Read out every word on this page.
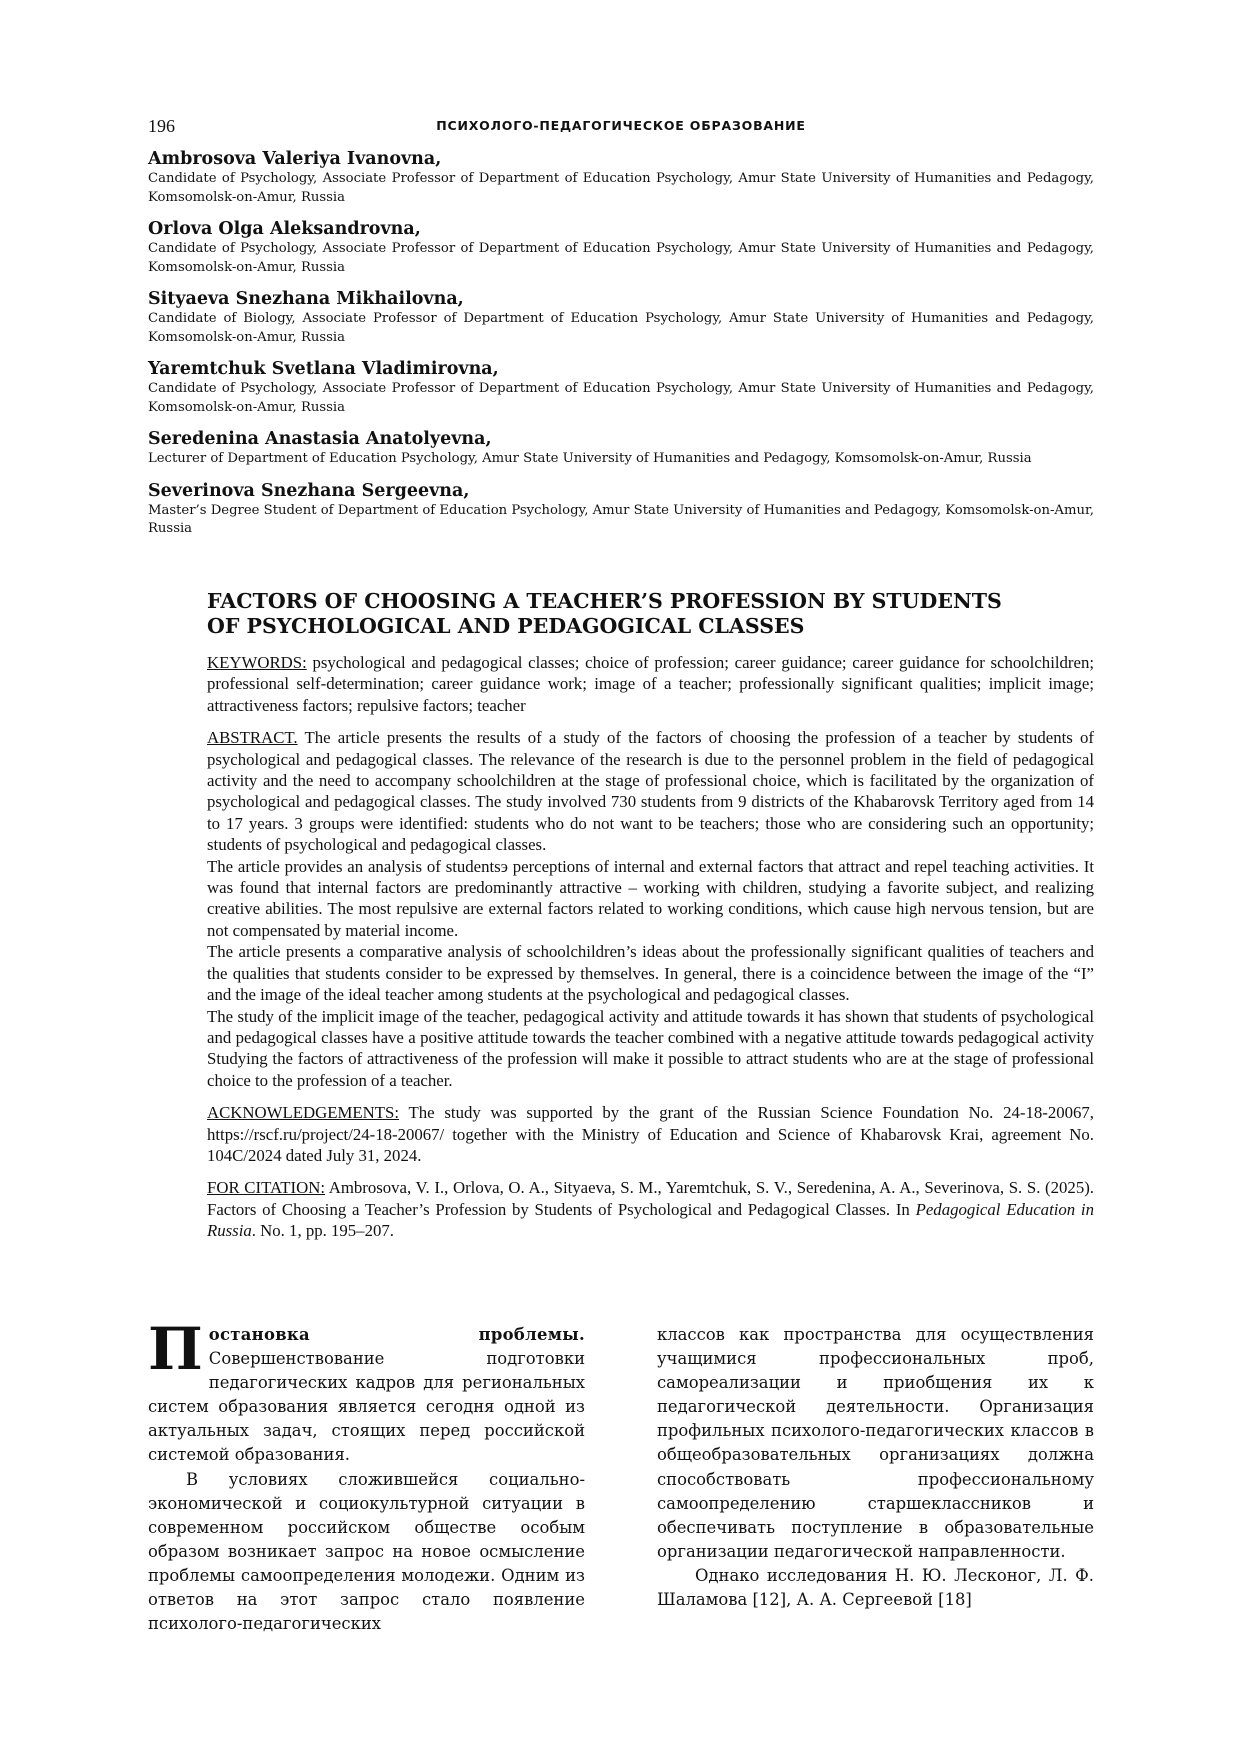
196	ПСИХОЛОГО-ПЕДАГОГИЧЕСКОЕ ОБРАЗОВАНИЕ
Ambrosova Valeriya Ivanovna,
Candidate of Psychology, Associate Professor of Department of Education Psychology, Amur State University of Humanities and Pedagogy, Komsomolsk-on-Amur, Russia
Orlova Olga Aleksandrovna,
Candidate of Psychology, Associate Professor of Department of Education Psychology, Amur State University of Humanities and Pedagogy, Komsomolsk-on-Amur, Russia
Sityaeva Snezhana Mikhailovna,
Candidate of Biology, Associate Professor of Department of Education Psychology, Amur State University of Humanities and Pedagogy, Komsomolsk-on-Amur, Russia
Yaremtchuk Svetlana Vladimirovna,
Candidate of Psychology, Associate Professor of Department of Education Psychology, Amur State University of Humanities and Pedagogy, Komsomolsk-on-Amur, Russia
Seredenina Anastasia Anatolyevna,
Lecturer of Department of Education Psychology, Amur State University of Humanities and Pedagogy, Komsomolsk-on-Amur, Russia
Severinova Snezhana Sergeevna,
Master’s Degree Student of Department of Education Psychology, Amur State University of Humanities and Pedagogy, Komsomolsk-on-Amur, Russia
FACTORS OF CHOOSING A TEACHER’S PROFESSION BY STUDENTS
OF PSYCHOLOGICAL AND PEDAGOGICAL CLASSES
KEYWORDS: psychological and pedagogical classes; choice of profession; career guidance; career guidance for schoolchildren; professional self-determination; career guidance work; image of a teacher; professionally significant qualities; implicit image; attractiveness factors; repulsive factors; teacher

ABSTRACT. The article presents the results of a study of the factors of choosing the profession of a teacher by students of psychological and pedagogical classes. The relevance of the research is due to the personnel problem in the field of pedagogical activity and the need to accompany schoolchildren at the stage of professional choice, which is facilitated by the organization of psychological and pedagogical classes. The study involved 730 students from 9 districts of the Khabarovsk Territory aged from 14 to 17 years. 3 groups were identified: students who do not want to be teachers; those who are considering such an opportunity; students of psychological and pedagogical classes.

The article provides an analysis of studentsэ perceptions of internal and external factors that attract and repel teaching activities. It was found that internal factors are predominantly attractive – working with children, studying a favorite subject, and realizing creative abilities. The most repulsive are external factors related to working conditions, which cause high nervous tension, but are not compensated by material income.

The article presents a comparative analysis of schoolchildren’s ideas about the professionally significant qualities of teachers and the qualities that students consider to be expressed by themselves. In general, there is a coincidence between the image of the “I” and the image of the ideal teacher among students at the psychological and pedagogical classes.

The study of the implicit image of the teacher, pedagogical activity and attitude towards it has shown that students of psychological and pedagogical classes have a positive attitude towards the teacher combined with a negative attitude towards pedagogical activity Studying the factors of attractiveness of the profession will make it possible to attract students who are at the stage of professional choice to the profession of a teacher.

ACKNOWLEDGEMENTS: The study was supported by the grant of the Russian Science Foundation No. 24-18-20067, https://rscf.ru/project/24-18-20067/ together with the Ministry of Education and Science of Khabarovsk Krai, agreement No. 104C/2024 dated July 31, 2024.
FOR CITATION: Ambrosova, V. I., Orlova, O. A., Sityaeva, S. M., Yaremtchuk, S. V., Seredenina, A. A., Severinova, S. S. (2025). Factors of Choosing a Teacher’s Profession by Students of Psychological and Pedagogical Classes. In Pedagogical Education in Russia. No. 1, pp. 195–207.

Постановка проблемы. Совершенствование подготовки педагогических кадров для региональных систем образования является сегодня одной из актуальных задач, стоящих перед российской системой образования.

В условиях сложившейся социально-экономической и социокультурной ситуации в современном российском обществе особым образом возникает запрос на новое осмысление проблемы самоопределения молодежи. Одним из ответов на этот запрос стало появление психолого-педагогических

классов как пространства для осуществления учащимися профессиональных проб, самореализации и приобщения их к педагогической деятельности. Организация профильных психолого-педагогических классов в общеобразовательных организациях должна способствовать профессиональному самоопределению старшеклассников и обеспечивать поступление в образовательные организации педагогической направленности.

Однако исследования Н. Ю. Лесконог, Л. Ф. Шаламова [12], А. А. Сергеевой [18]
